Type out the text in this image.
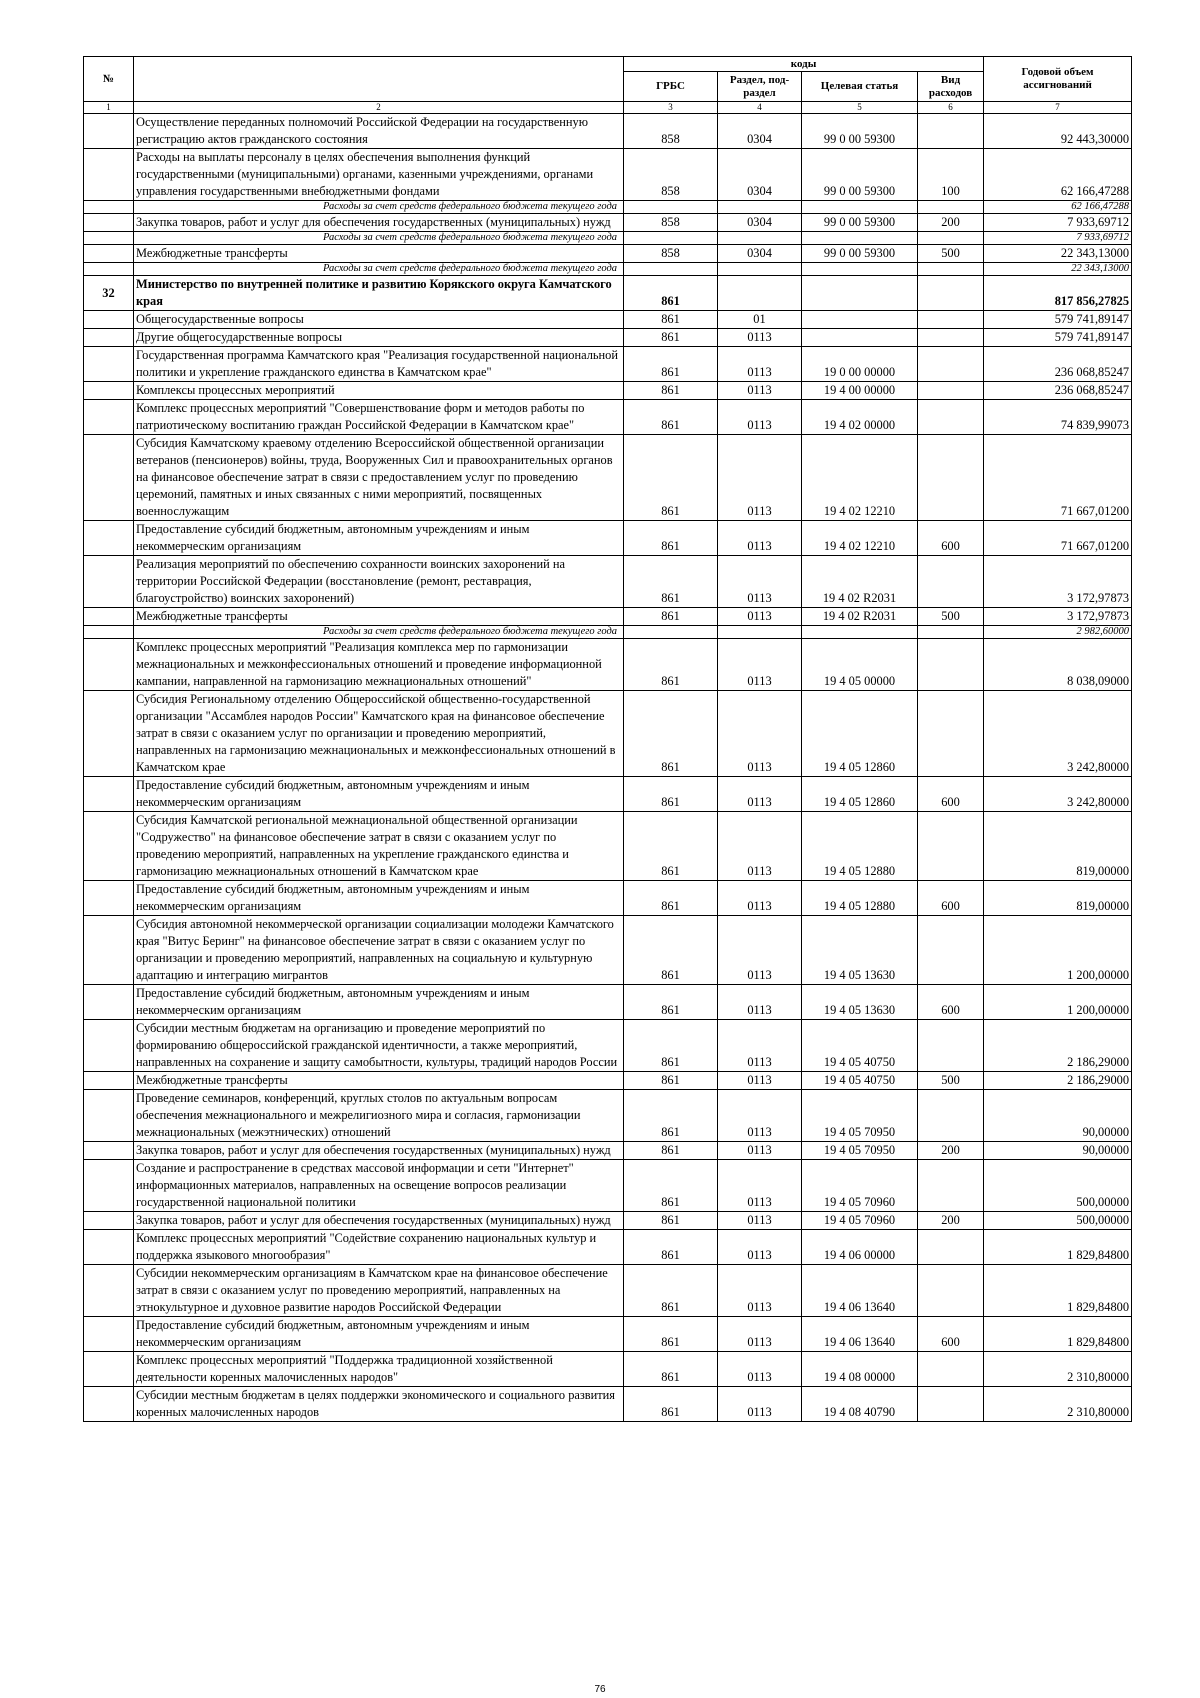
№		коды				Годовой объем ассигнований
		ГРБС	Раздел, под- раздел	Целевая статья	Вид расходов	
1	2	3	4	5	6	7
	Осуществление переданных полномочий Российской Федерации на государственную регистрацию актов гражданского состояния	858	0304	99 0 00 59300		92 443,30000
	Расходы на выплаты персоналу в целях обеспечения выполнения функций государственными (муниципальными) органами, казенными учреждениями, органами управления государственными внебюджетными фондами	858	0304	99 0 00 59300	100	62 166,47288
	Расходы за счет средств федерального бюджета текущего года					62 166,47288
	Закупка товаров, работ и услуг для обеспечения государственных (муниципальных) нужд	858	0304	99 0 00 59300	200	7 933,69712
	Расходы за счет средств федерального бюджета текущего года					7 933,69712
	Межбюджетные трансферты	858	0304	99 0 00 59300	500	22 343,13000
	Расходы за счет средств федерального бюджета текущего года					22 343,13000
32	Министерство по внутренней политике и развитию Корякского округа Камчатского края	861				817 856,27825
	Общегосударственные вопросы	861	01			579 741,89147
	Другие общегосударственные вопросы	861	0113			579 741,89147
	Государственная программа Камчатского края "Реализация государственной национальной политики и укрепление гражданского единства в Камчатском крае"	861	0113	19 0 00 00000		236 068,85247
	Комплексы процессных мероприятий	861	0113	19 4 00 00000		236 068,85247
	Комплекс процессных мероприятий "Совершенствование форм и методов работы по патриотическому воспитанию граждан Российской Федерации в Камчатском крае"	861	0113	19 4 02 00000		74 839,99073
	Субсидия Камчатскому краевому отделению Всероссийской общественной организации ветеранов (пенсионеров) войны, труда, Вооруженных Сил и правоохранительных органов на финансовое обеспечение затрат в связи с предоставлением услуг по проведению церемоний, памятных и иных связанных с ними мероприятий, посвященных военнослужащим	861	0113	19 4 02 12210		71 667,01200
	Предоставление субсидий бюджетным, автономным учреждениям и иным некоммерческим организациям	861	0113	19 4 02 12210	600	71 667,01200
	Реализация мероприятий по обеспечению сохранности воинских захоронений на территории Российской Федерации (восстановление (ремонт, реставрация, благоустройство) воинских захоронений)	861	0113	19 4 02 R2031		3 172,97873
	Межбюджетные трансферты	861	0113	19 4 02 R2031	500	3 172,97873
	Расходы за счет средств федерального бюджета текущего года					2 982,60000
	Комплекс процессных мероприятий "Реализация комплекса мер по гармонизации межнациональных и межконфессиональных отношений и проведение информационной кампании, направленной на гармонизацию межнациональных отношений"	861	0113	19 4 05 00000		8 038,09000
	Субсидия Региональному отделению Общероссийской общественно-государственной организации "Ассамблея народов России" Камчатского края на финансовое обеспечение затрат в связи с оказанием услуг по организации и проведению мероприятий, направленных на гармонизацию межнациональных и межконфессиональных отношений в Камчатском крае	861	0113	19 4 05 12860		3 242,80000
	Предоставление субсидий бюджетным, автономным учреждениям и иным некоммерческим организациям	861	0113	19 4 05 12860	600	3 242,80000
	Субсидия Камчатской региональной межнациональной общественной организации "Содружество" на финансовое обеспечение затрат в связи с оказанием услуг по проведению мероприятий, направленных на укрепление гражданского единства и гармонизацию межнациональных отношений в Камчатском крае	861	0113	19 4 05 12880		819,00000
	Предоставление субсидий бюджетным, автономным учреждениям и иным некоммерческим организациям	861	0113	19 4 05 12880	600	819,00000
	Субсидия автономной некоммерческой организации социализации молодежи Камчатского края "Витус Беринг" на финансовое обеспечение затрат в связи с оказанием услуг по организации и проведению мероприятий, направленных на социальную и культурную адаптацию и интеграцию мигрантов	861	0113	19 4 05 13630		1 200,00000
	Предоставление субсидий бюджетным, автономным учреждениям и иным некоммерческим организациям	861	0113	19 4 05 13630	600	1 200,00000
	Субсидии местным бюджетам на организацию и проведение мероприятий по формированию общероссийской гражданской идентичности, а также мероприятий, направленных на сохранение и защиту самобытности, культуры, традиций народов России	861	0113	19 4 05 40750		2 186,29000
	Межбюджетные трансферты	861	0113	19 4 05 40750	500	2 186,29000
	Проведение семинаров, конференций, круглых столов по актуальным вопросам обеспечения межнационального и межрелигиозного мира и согласия, гармонизации межнациональных (межэтнических) отношений	861	0113	19 4 05 70950		90,00000
	Закупка товаров, работ и услуг для обеспечения государственных (муниципальных) нужд	861	0113	19 4 05 70950	200	90,00000
	Создание и распространение в средствах массовой информации и сети "Интернет" информационных материалов, направленных на освещение вопросов реализации государственной национальной политики	861	0113	19 4 05 70960		500,00000
	Закупка товаров, работ и услуг для обеспечения государственных (муниципальных) нужд	861	0113	19 4 05 70960	200	500,00000
	Комплекс процессных мероприятий "Содействие сохранению национальных культур и поддержка языкового многообразия"	861	0113	19 4 06 00000		1 829,84800
	Субсидии некоммерческим организациям в Камчатском крае на финансовое обеспечение затрат в связи с оказанием услуг по проведению мероприятий, направленных на этнокультурное и духовное развитие народов Российской Федерации	861	0113	19 4 06 13640		1 829,84800
	Предоставление субсидий бюджетным, автономным учреждениям и иным некоммерческим организациям	861	0113	19 4 06 13640	600	1 829,84800
	Комплекс процессных мероприятий "Поддержка традиционной хозяйственной деятельности коренных малочисленных народов"	861	0113	19 4 08 00000		2 310,80000
	Субсидии местным бюджетам в целях поддержки экономического и социального развития коренных малочисленных народов	861	0113	19 4 08 40790		2 310,80000
76
